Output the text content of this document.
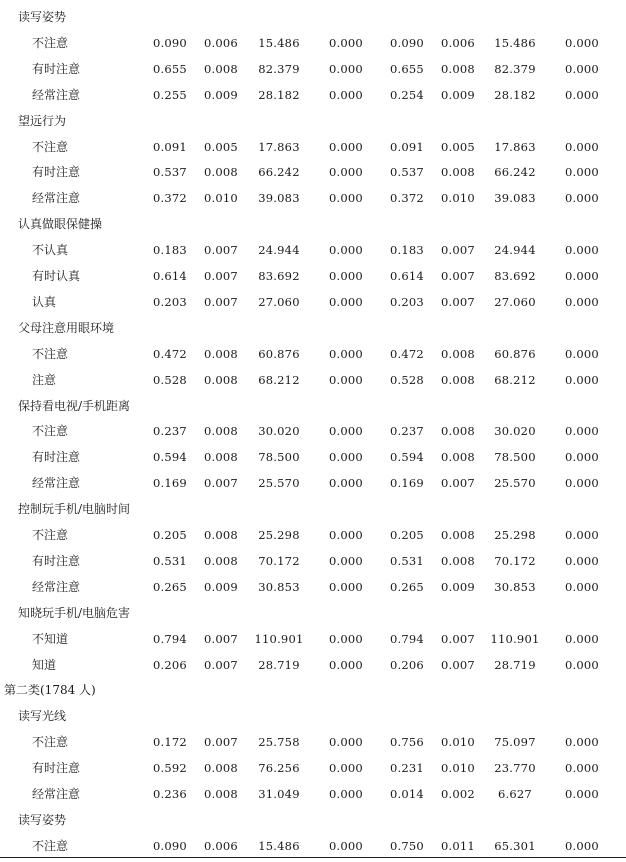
读写姿势
不注意	0.090	0.006	15.486	0.000	0.090	0.006	15.486	0.000
有时注意	0.655	0.008	82.379	0.000	0.655	0.008	82.379	0.000
经常注意	0.255	0.009	28.182	0.000	0.254	0.009	28.182	0.000
望远行为
不注意	0.091	0.005	17.863	0.000	0.091	0.005	17.863	0.000
有时注意	0.537	0.008	66.242	0.000	0.537	0.008	66.242	0.000
经常注意	0.372	0.010	39.083	0.000	0.372	0.010	39.083	0.000
认真做眼保健操
不认真	0.183	0.007	24.944	0.000	0.183	0.007	24.944	0.000
有时认真	0.614	0.007	83.692	0.000	0.614	0.007	83.692	0.000
认真	0.203	0.007	27.060	0.000	0.203	0.007	27.060	0.000
父母注意用眼环境
不注意	0.472	0.008	60.876	0.000	0.472	0.008	60.876	0.000
注意	0.528	0.008	68.212	0.000	0.528	0.008	68.212	0.000
保持看电视/手机距离
不注意	0.237	0.008	30.020	0.000	0.237	0.008	30.020	0.000
有时注意	0.594	0.008	78.500	0.000	0.594	0.008	78.500	0.000
经常注意	0.169	0.007	25.570	0.000	0.169	0.007	25.570	0.000
控制玩手机/电脑时间
不注意	0.205	0.008	25.298	0.000	0.205	0.008	25.298	0.000
有时注意	0.531	0.008	70.172	0.000	0.531	0.008	70.172	0.000
经常注意	0.265	0.009	30.853	0.000	0.265	0.009	30.853	0.000
知晓玩手机/电脑危害
不知道	0.794	0.007	110.901	0.000	0.794	0.007	110.901	0.000
知道	0.206	0.007	28.719	0.000	0.206	0.007	28.719	0.000
第二类(1784 人)
读写光线
不注意	0.172	0.007	25.758	0.000	0.756	0.010	75.097	0.000
有时注意	0.592	0.008	76.256	0.000	0.231	0.010	23.770	0.000
经常注意	0.236	0.008	31.049	0.000	0.014	0.002	6.627	0.000
读写姿势
不注意	0.090	0.006	15.486	0.000	0.750	0.011	65.301	0.000
